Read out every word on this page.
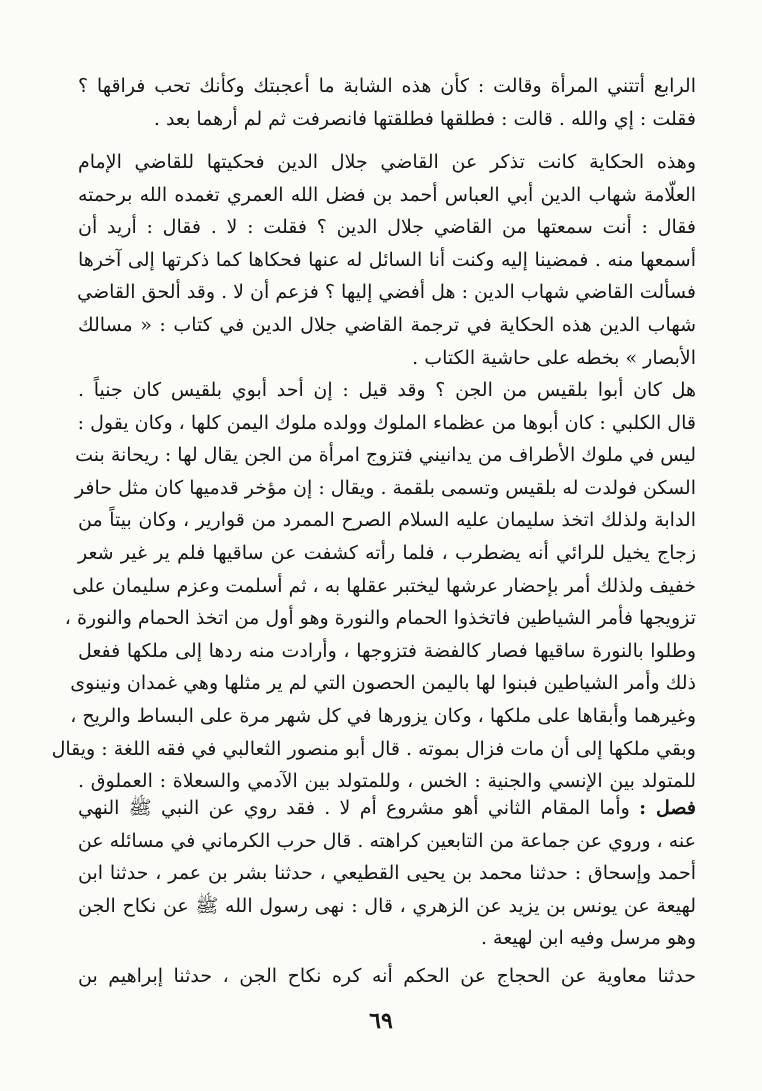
الرابع أتتني المرأة وقالت : كأن هذه الشابة ما أعجبتك وكأنك تحب فراقها ؟
فقلت : إي والله . قالت : فطلقها فطلقتها فانصرفت ثم لم أرهما بعد .
وهذه الحكاية كانت تذكر عن القاضي جلال الدين فحكيتها للقاضي الإمام
العلّامة شهاب الدين أبي العباس أحمد بن فضل الله العمري تغمده الله برحمته
فقال : أنت سمعتها من القاضي جلال الدين ؟ فقلت : لا . فقال : أريد أن
أسمعها منه . فمضينا إليه وكنت أنا السائل له عنها فحكاها كما ذكرتها إلى آخرها
فسألت القاضي شهاب الدين : هل أفضي إليها ؟ فزعم أن لا . وقد ألحق القاضي
شهاب الدين هذه الحكاية في ترجمة القاضي جلال الدين في كتاب : « مسالك
الأبصار » بخطه على حاشية الكتاب .
هل كان أبوا بلقيس من الجن ؟ وقد قيل : إن أحد أبوي بلقيس كان جنياً .
قال الكلبي : كان أبوها من عظماء الملوك وولده ملوك اليمن كلها ، وكان يقول :
ليس في ملوك الأطراف من يدانيني فتزوج امرأة من الجن يقال لها : ريحانة بنت
السكن فولدت له بلقيس وتسمى بلقمة . ويقال : إن مؤخر قدميها كان مثل حافر
الدابة ولذلك اتخذ سليمان عليه السلام الصرح الممرد من قوارير ، وكان بيتاً من
زجاج يخيل للرائي أنه يضطرب ، فلما رأته كشفت عن ساقيها فلم ير غير شعر
خفيف ولذلك أمر بإحضار عرشها ليختبر عقلها به ، ثم أسلمت وعزم سليمان على
تزويجها فأمر الشياطين فاتخذوا الحمام والنورة وهو أول من اتخذ الحمام والنورة ،
وطلوا بالنورة ساقيها فصار كالفضة فتزوجها ، وأرادت منه ردها إلى ملكها ففعل
ذلك وأمر الشياطين فبنوا لها باليمن الحصون التي لم ير مثلها وهي غمدان ونينوى
وغيرهما وأبقاها على ملكها ، وكان يزورها في كل شهر مرة على البساط والريح ،
وبقي ملكها إلى أن مات فزال بموته . قال أبو منصور الثعالبي في فقه اللغة : ويقال
للمتولد بين الإنسي والجنية : الخس ، وللمتولد بين الآدمي والسعلاة : العملوق .
فصل : وأما المقام الثاني أهو مشروع أم لا . فقد روي عن النبي ﷺ النهي
عنه ، وروي عن جماعة من التابعين كراهته . قال حرب الكرماني في مسائله عن
أحمد وإسحاق : حدثنا محمد بن يحيى القطيعي ، حدثنا بشر بن عمر ، حدثنا ابن
لهيعة عن يونس بن يزيد عن الزهري ، قال : نهى رسول الله ﷺ عن نكاح الجن
وهو مرسل وفيه ابن لهيعة .
حدثنا معاوية عن الحجاج عن الحكم أنه كره نكاح الجن ، حدثنا إبراهيم بن
٦٩
